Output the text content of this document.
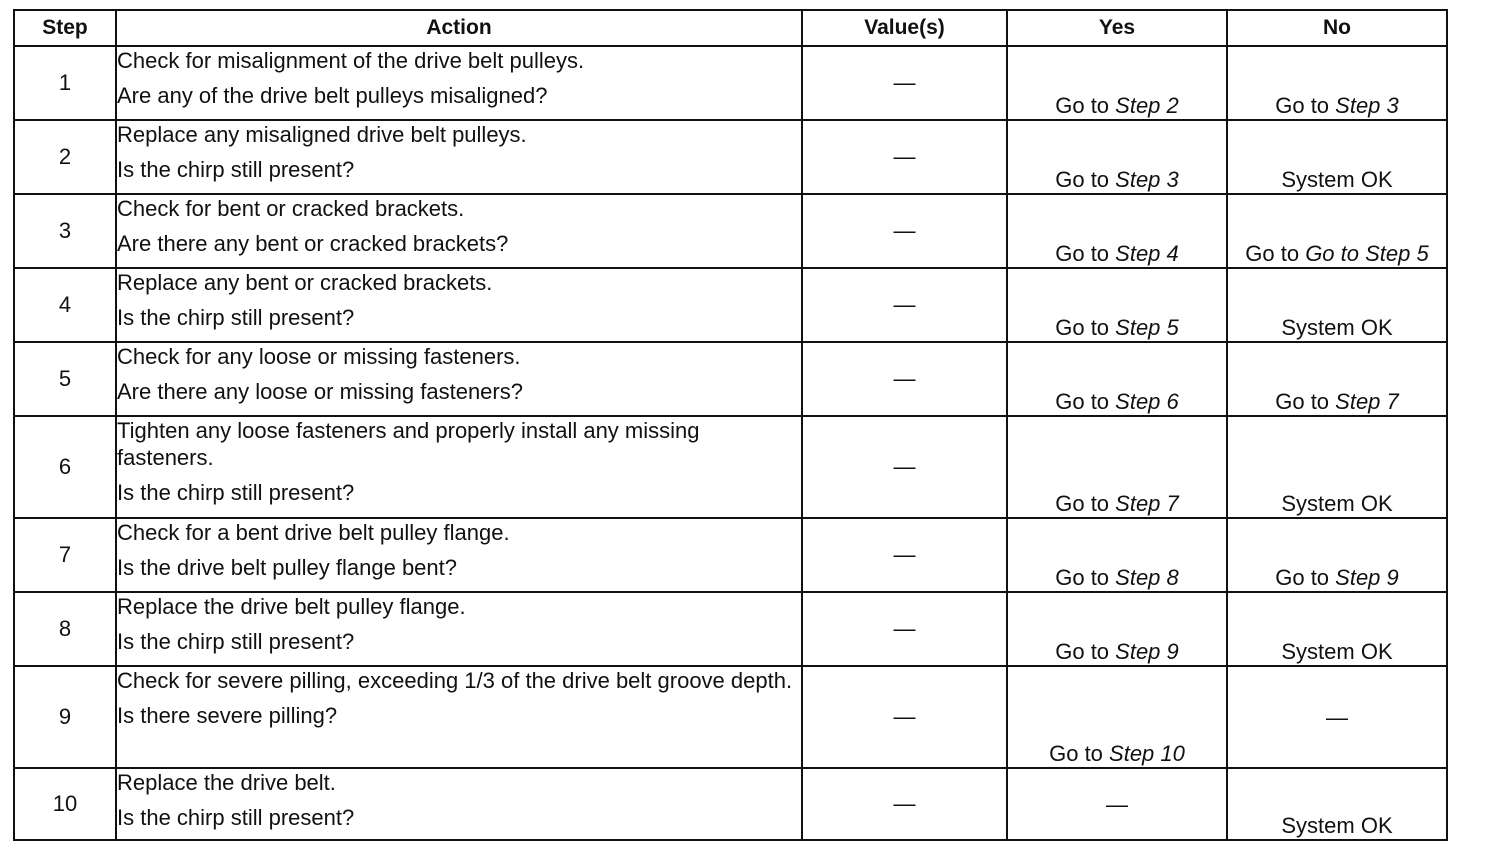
Step	Action	Value(s)	Yes	No
1	Check for misalignment of the drive belt pulleys.
Are any of the drive belt pulleys misaligned?	—	Go to Step 2	Go to Step 3
2	Replace any misaligned drive belt pulleys.
Is the chirp still present?	—	Go to Step 3	System OK
3	Check for bent or cracked brackets.
Are there any bent or cracked brackets?	—	Go to Step 4	Go to Go to Step 5
4	Replace any bent or cracked brackets.
Is the chirp still present?	—	Go to Step 5	System OK
5	Check for any loose or missing fasteners.
Are there any loose or missing fasteners?	—	Go to Step 6	Go to Step 7
6	Tighten any loose fasteners and properly install any missing fasteners.
Is the chirp still present?	—	Go to Step 7	System OK
7	Check for a bent drive belt pulley flange.
Is the drive belt pulley flange bent?	—	Go to Step 8	Go to Step 9
8	Replace the drive belt pulley flange.
Is the chirp still present?	—	Go to Step 9	System OK
9	Check for severe pilling, exceeding 1/3 of the drive belt groove depth.
Is there severe pilling?	—	Go to Step 10	—
10	Replace the drive belt.
Is the chirp still present?	—	—	System OK
